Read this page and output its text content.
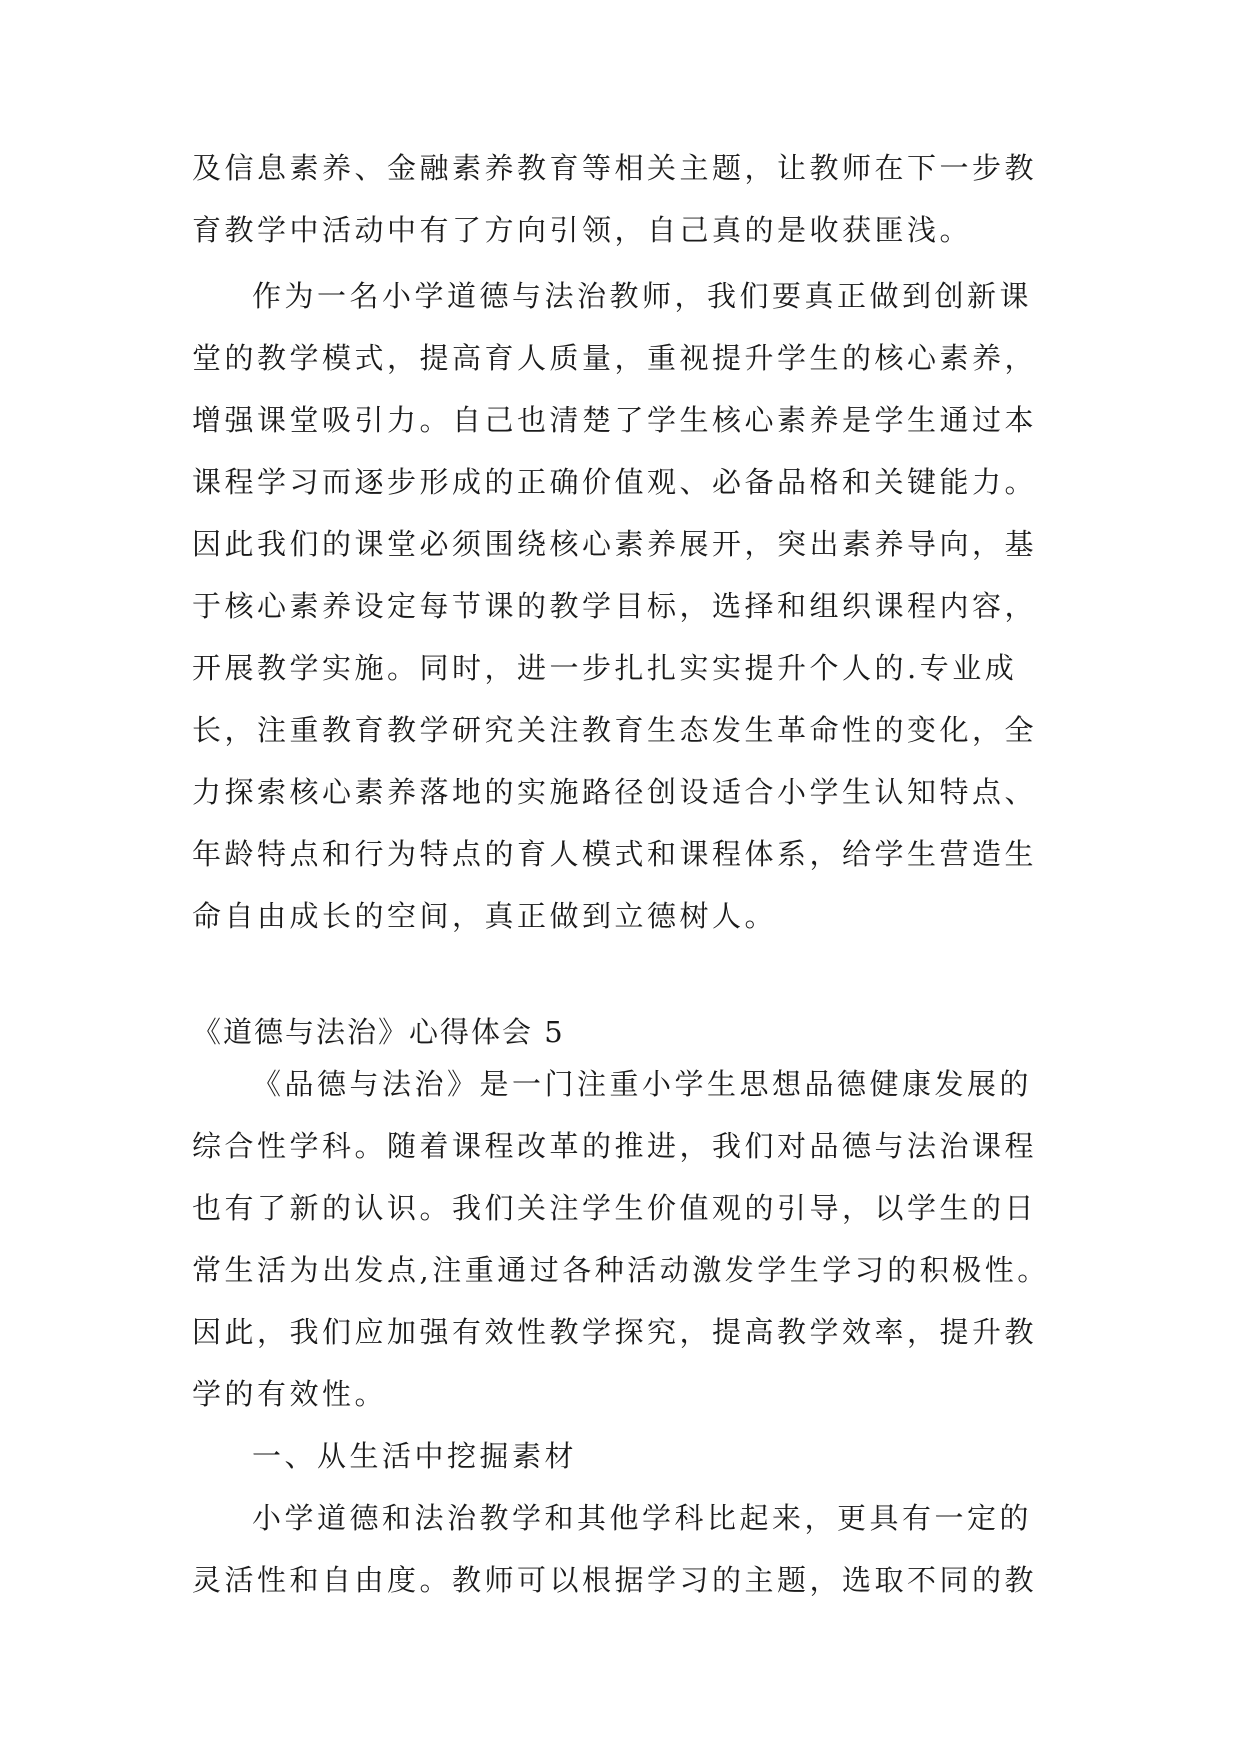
及信息素养、金融素养教育等相关主题，让教师在下一步教

育教学中活动中有了方向引领，自己真的是收获匪浅。

作为一名小学道德与法治教师，我们要真正做到创新课

堂的教学模式，提高育人质量，重视提升学生的核心素养，

增强课堂吸引力。自己也清楚了学生核心素养是学生通过本

课程学习而逐步形成的正确价值观、必备品格和关键能力。

因此我们的课堂必须围绕核心素养展开，突出素养导向，基

于核心素养设定每节课的教学目标，选择和组织课程内容，

开展教学实施。同时，进一步扎扎实实提升个人的.专业成

长，注重教育教学研究关注教育生态发生革命性的变化，全

力探索核心素养落地的实施路径创设适合小学生认知特点、

年龄特点和行为特点的育人模式和课程体系，给学生营造生

命自由成长的空间，真正做到立德树人。

《道德与法治》心得体会 5

《品德与法治》是一门注重小学生思想品德健康发展的

综合性学科。随着课程改革的推进，我们对品德与法治课程

也有了新的认识。我们关注学生价值观的引导，以学生的日

常生活为出发点,注重通过各种活动激发学生学习的积极性。

因此，我们应加强有效性教学探究，提高教学效率，提升教

学的有效性。

一、从生活中挖掘素材

小学道德和法治教学和其他学科比起来，更具有一定的

灵活性和自由度。教师可以根据学习的主题，选取不同的教
